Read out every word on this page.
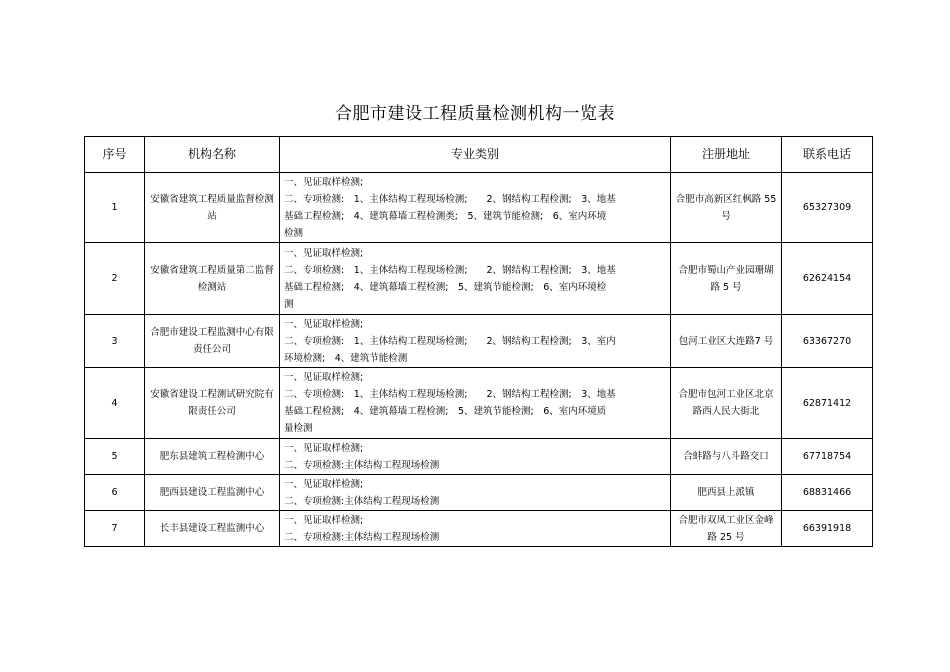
合肥市建设工程质量检测机构一览表
序号	机构名称	专业类别	注册地址	联系电话
1	安徽省建筑工程质量监督检测站	一、见证取样检测;
二、专项检测:　1、主体结构工程现场检测;　　2、钢结构工程检测;　3、地基
基础工程检测;　4、建筑幕墙工程检测类;　5、建筑节能检测;　6、室内环境
检测	合肥市高新区红枫路 55 号	65327309
2	安徽省建筑工程质量第二监督检测站	一、见证取样检测;
二、专项检测:　1、主体结构工程现场检测;　　2、钢结构工程检测;　3、地基
基础工程检测;　4、建筑幕墙工程检测;　5、建筑节能检测;　6、室内环境检
测	合肥市蜀山产业园珊瑚路 5 号	62624154
3	合肥市建设工程监测中心有限责任公司	一、见证取样检测;
二、专项检测:　1、主体结构工程现场检测;　　2、钢结构工程检测;　3、室内
环境检测;　4、建筑节能检测	包河工业区大连路7 号	63367270
4	安徽省建设工程测试研究院有限责任公司	一、见证取样检测;
二、专项检测:　1、主体结构工程现场检测;　　2、钢结构工程检测;　3、地基
基础工程检测;　4、建筑幕墙工程检测;　5、建筑节能检测;　6、室内环境质
量检测	合肥市包河工业区北京路西人民大街北	62871412
5	肥东县建筑工程检测中心	一、见证取样检测;
二、专项检测:主体结构工程现场检测	合蚌路与八斗路交口	67718754
6	肥西县建设工程监测中心	一、见证取样检测;
二、专项检测:主体结构工程现场检测	肥西县上派镇	68831466
7	长丰县建设工程监测中心	一、见证取样检测;
二、专项检测:主体结构工程现场检测	合肥市双凤工业区金峰路 25 号	66391918
